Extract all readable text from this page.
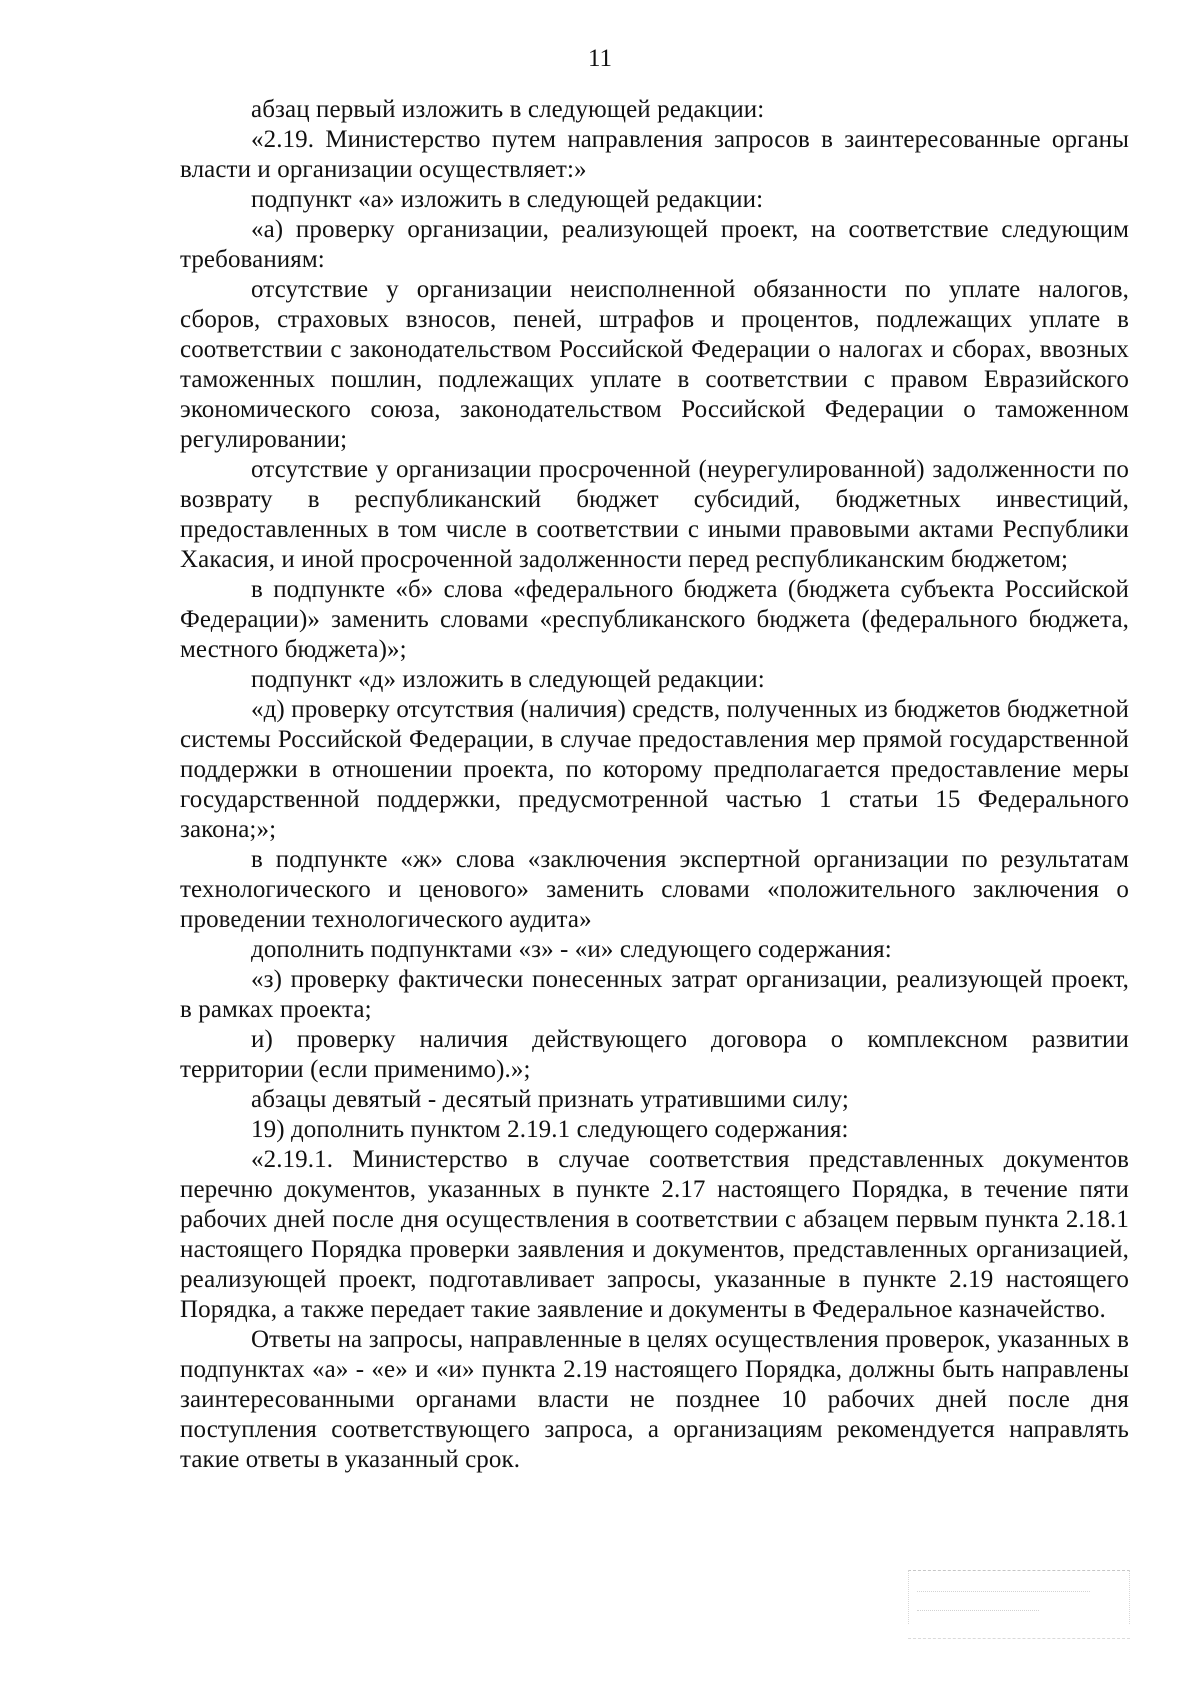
11

абзац первый изложить в следующей редакции:

«2.19. Министерство путем направления запросов в заинтересованные органы власти и организации осуществляет:»

подпункт «а» изложить в следующей редакции:

«а) проверку организации, реализующей проект, на соответствие следующим требованиям:

отсутствие у организации неисполненной обязанности по уплате налогов, сборов, страховых взносов, пеней, штрафов и процентов, подлежащих уплате в соответствии с законодательством Российской Федерации о налогах и сборах, ввозных таможенных пошлин, подлежащих уплате в соответствии с правом Евразийского экономического союза, законодательством Российской Федерации о таможенном регулировании;

отсутствие у организации просроченной (неурегулированной) задолженности по возврату в республиканский бюджет субсидий, бюджетных инвестиций, предоставленных в том числе в соответствии с иными правовыми актами Республики Хакасия, и иной просроченной задолженности перед республиканским бюджетом;

в подпункте «б» слова «федерального бюджета (бюджета субъекта Российской Федерации)» заменить словами «республиканского бюджета (федерального бюджета, местного бюджета)»;

подпункт «д» изложить в следующей редакции:

«д) проверку отсутствия (наличия) средств, полученных из бюджетов бюджетной системы Российской Федерации, в случае предоставления мер прямой государственной поддержки в отношении проекта, по которому предполагается предоставление меры государственной поддержки, предусмотренной частью 1 статьи 15 Федерального закона;»;

в подпункте «ж» слова «заключения экспертной организации по результатам технологического и ценового» заменить словами «положительного заключения о проведении технологического аудита»

дополнить подпунктами «з» - «и» следующего содержания:

«з) проверку фактически понесенных затрат организации, реализующей проект, в рамках проекта;

и) проверку наличия действующего договора о комплексном развитии территории (если применимо).»;

абзацы девятый - десятый признать утратившими силу;

19) дополнить пунктом 2.19.1 следующего содержания:

«2.19.1. Министерство в случае соответствия представленных документов перечню документов, указанных в пункте 2.17 настоящего Порядка, в течение пяти рабочих дней после дня осуществления в соответствии с абзацем первым пункта 2.18.1 настоящего Порядка проверки заявления и документов, представленных организацией, реализующей проект, подготавливает запросы, указанные в пункте 2.19 настоящего Порядка, а также передает такие заявление и документы в Федеральное казначейство.

Ответы на запросы, направленные в целях осуществления проверок, указанных в подпунктах «а» - «е» и «и» пункта 2.19 настоящего Порядка, должны быть направлены заинтересованными органами власти не позднее 10 рабочих дней после дня поступления соответствующего запроса, а организациям рекомендуется направлять такие ответы в указанный срок.
